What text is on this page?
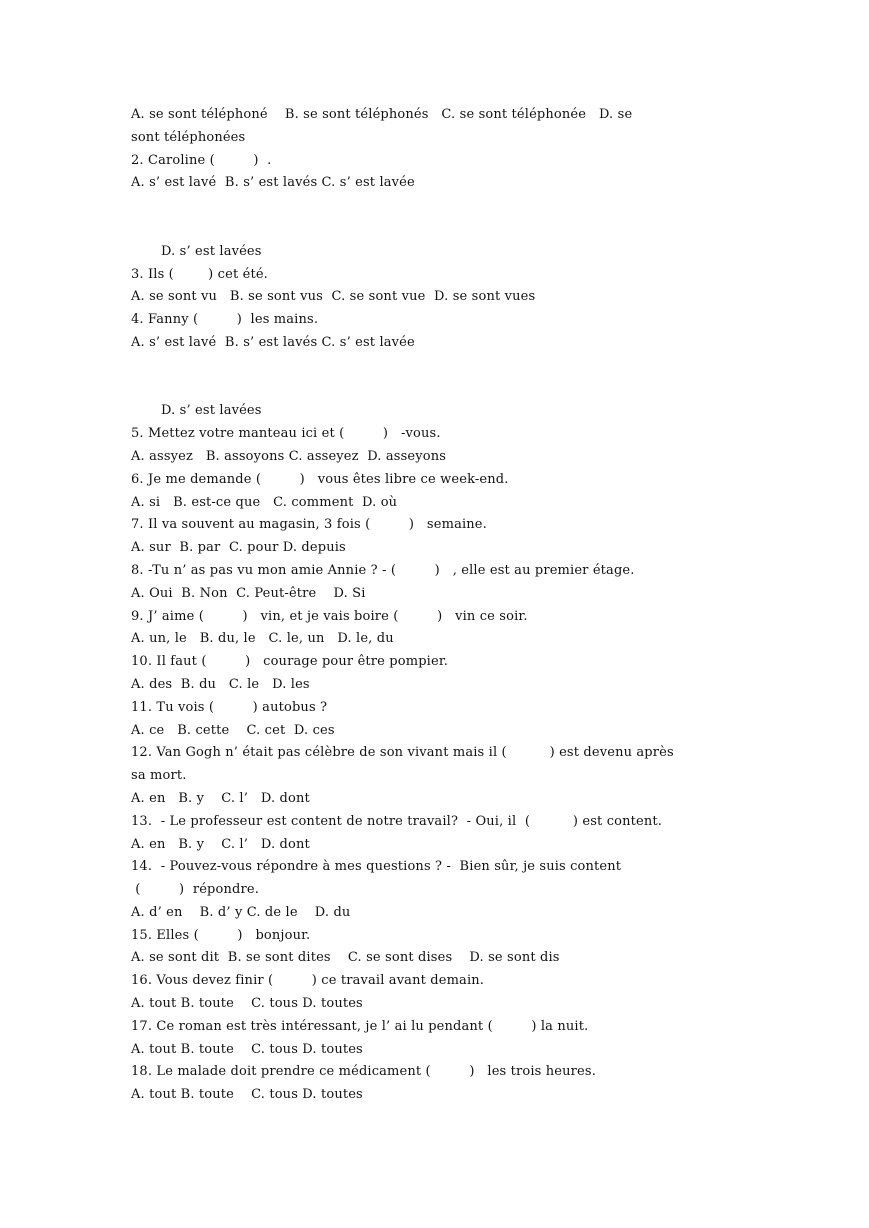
A. se sont téléphoné    B. se sont téléphonés   C. se sont téléphonée   D. se
sont téléphonées
2. Caroline (         )  .
A. s’ est lavé  B. s’ est lavés C. s’ est lavée
D. s’ est lavées
3. Ils (        ) cet été.
A. se sont vu   B. se sont vus  C. se sont vue  D. se sont vues
4. Fanny (         )  les mains.
A. s’ est lavé  B. s’ est lavés C. s’ est lavée
D. s’ est lavées
5. Mettez votre manteau ici et (         )   -vous.
A. assyez   B. assoyons C. asseyez  D. asseyons
6. Je me demande (         )   vous êtes libre ce week-end.
A. si   B. est-ce que   C. comment  D. où
7. Il va souvent au magasin, 3 fois (         )   semaine.
A. sur  B. par  C. pour D. depuis
8. -Tu n’ as pas vu mon amie Annie ? - (         )   , elle est au premier étage.
A. Oui  B. Non  C. Peut-être    D. Si
9. J’ aime (         )   vin, et je vais boire (         )   vin ce soir.
A. un, le   B. du, le   C. le, un   D. le, du
10. Il faut (         )   courage pour être pompier.
A. des  B. du   C. le   D. les
11. Tu vois (         ) autobus ?
A. ce   B. cette    C. cet  D. ces
12. Van Gogh n’ était pas célèbre de son vivant mais il (          ) est devenu après
sa mort.
A. en   B. y    C. l’   D. dont
13.  - Le professeur est content de notre travail?  - Oui, il  (          ) est content.
A. en   B. y    C. l’   D. dont
14.  - Pouvez-vous répondre à mes questions ? -  Bien sûr, je suis content
(         )  répondre.
A. d’ en    B. d’ y C. de le    D. du
15. Elles (         )   bonjour.
A. se sont dit  B. se sont dites    C. se sont dises    D. se sont dis
16. Vous devez finir (         ) ce travail avant demain.
A. tout B. toute    C. tous D. toutes
17. Ce roman est très intéressant, je l’ ai lu pendant (         ) la nuit.
A. tout B. toute    C. tous D. toutes
18. Le malade doit prendre ce médicament (         )   les trois heures.
A. tout B. toute    C. tous D. toutes
